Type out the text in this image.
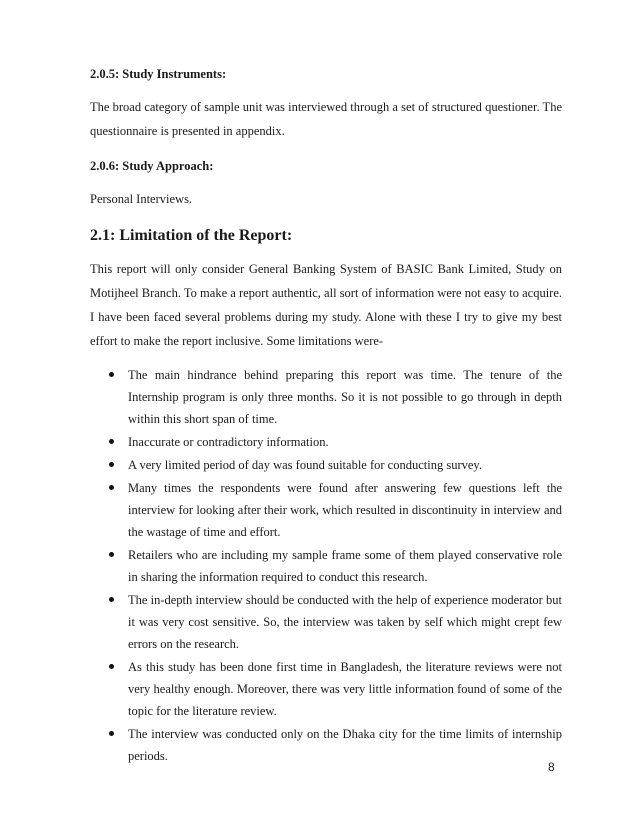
2.0.5: Study Instruments:

The broad category of sample unit was interviewed through a set of structured questioner. The questionnaire is presented in appendix.

2.0.6: Study Approach:

Personal Interviews.

2.1: Limitation of the Report:

This report will only consider General Banking System of BASIC Bank Limited, Study on Motijheel Branch. To make a report authentic, all sort of information were not easy to acquire. I have been faced several problems during my study. Alone with these I try to give my best effort to make the report inclusive. Some limitations were-

The main hindrance behind preparing this report was time. The tenure of the Internship program is only three months. So it is not possible to go through in depth within this short span of time.
Inaccurate or contradictory information.
A very limited period of day was found suitable for conducting survey.
Many times the respondents were found after answering few questions left the interview for looking after their work, which resulted in discontinuity in interview and the wastage of time and effort.
Retailers who are including my sample frame some of them played conservative role in sharing the information required to conduct this research.
The in-depth interview should be conducted with the help of experience moderator but it was very cost sensitive. So, the interview was taken by self which might crept few errors on the research.
As this study has been done first time in Bangladesh, the literature reviews were not very healthy enough. Moreover, there was very little information found of some of the topic for the literature review.
The interview was conducted only on the Dhaka city for the time limits of internship periods.
8
